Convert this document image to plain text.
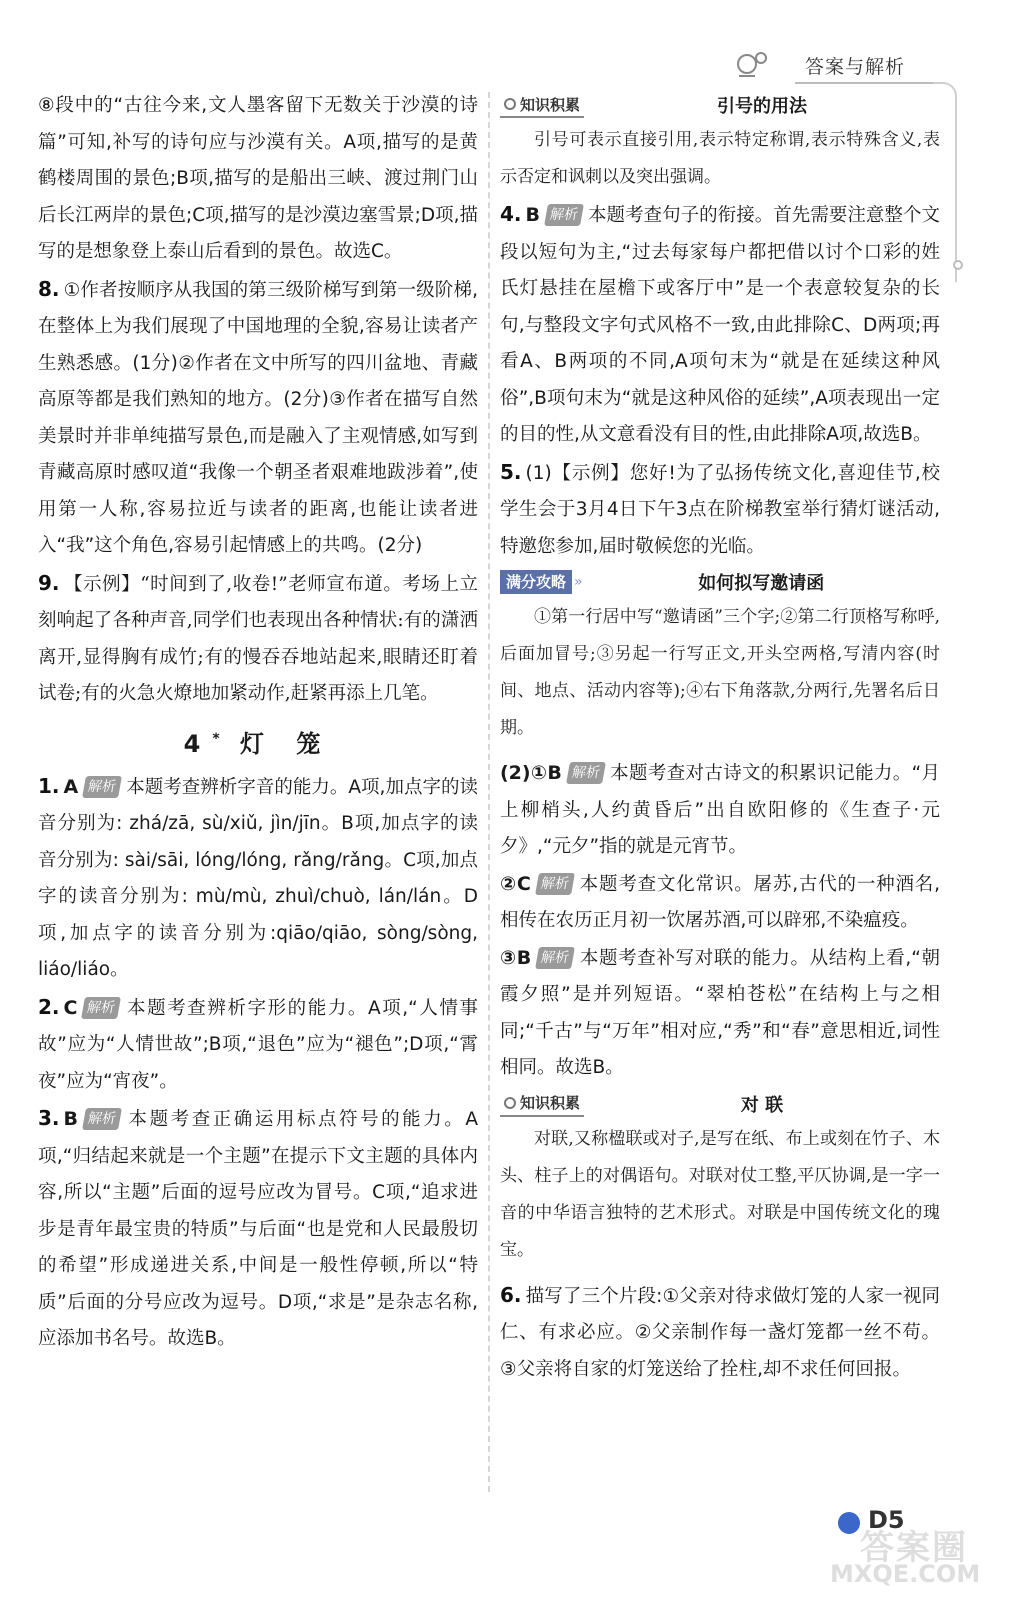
答案与解析
⑧段中的“古往今来,文人墨客留下无数关于沙漠的诗篇”可知,补写的诗句应与沙漠有关。A项,描写的是黄鹤楼周围的景色;B项,描写的是船出三峡、渡过荆门山后长江两岸的景色;C项,描写的是沙漠边塞雪景;D项,描写的是想象登上泰山后看到的景色。故选C。
8. ①作者按顺序从我国的第三级阶梯写到第一级阶梯,在整体上为我们展现了中国地理的全貌,容易让读者产生熟悉感。(1分)②作者在文中所写的四川盆地、青藏高原等都是我们熟知的地方。(2分)③作者在描写自然美景时并非单纯描写景色,而是融入了主观情感,如写到青藏高原时感叹道“我像一个朝圣者艰难地跋涉着”,使用第一人称,容易拉近与读者的距离,也能让读者进入“我”这个角色,容易引起情感上的共鸣。(2分)
9. 【示例】“时间到了,收卷!”老师宣布道。考场上立刻响起了各种声音,同学们也表现出各种情状:有的潇洒离开,显得胸有成竹;有的慢吞吞地站起来,眼睛还盯着试卷;有的火急火燎地加紧动作,赶紧再添上几笔。
4* 灯 笼
1. A 解析 本题考查辨析字音的能力。A项,加点字的读音分别为: zhá/zā, sù/xiǔ, jìn/jīn。B项,加点字的读音分别为: sài/sāi, lóng/lóng, rǎng/rǎng。C项,加点字的读音分别为: mù/mù, zhuì/chuò, lán/lán。D项,加点字的读音分别为:qiāo/qiāo, sòng/sòng, liáo/liáo。
2. C 解析 本题考查辨析字形的能力。A项,“人情事故”应为“人情世故”;B项,“退色”应为“褪色”;D项,“霄夜”应为“宵夜”。
3. B 解析 本题考查正确运用标点符号的能力。A项,“归结起来就是一个主题”在提示下文主题的具体内容,所以“主题”后面的逗号应改为冒号。C项,“追求进步是青年最宝贵的特质”与后面“也是党和人民最殷切的希望”形成递进关系,中间是一般性停顿,所以“特质”后面的分号应改为逗号。D项,“求是”是杂志名称,应添加书名号。故选B。
知识积累	引号的用法
引号可表示直接引用,表示特定称谓,表示特殊含义,表示否定和讽刺以及突出强调。
4. B 解析 本题考查句子的衔接。首先需要注意整个文段以短句为主,“过去每家每户都把借以讨个口彩的姓氏灯悬挂在屋檐下或客厅中”是一个表意较复杂的长句,与整段文字句式风格不一致,由此排除C、D两项;再看A、B两项的不同,A项句末为“就是在延续这种风俗”,B项句末为“就是这种风俗的延续”,A项表现出一定的目的性,从文意看没有目的性,由此排除A项,故选B。
5. (1)【示例】您好!为了弘扬传统文化,喜迎佳节,校学生会于3月4日下午3点在阶梯教室举行猜灯谜活动,特邀您参加,届时敬候您的光临。
满分攻略 »	如何拟写邀请函
①第一行居中写“邀请函”三个字;②第二行顶格写称呼,后面加冒号;③另起一行写正文,开头空两格,写清内容(时间、地点、活动内容等);④右下角落款,分两行,先署名后日期。
(2)①B 解析 本题考查对古诗文的积累识记能力。“月上柳梢头,人约黄昏后”出自欧阳修的《生查子·元夕》,“元夕”指的就是元宵节。
②C 解析 本题考查文化常识。屠苏,古代的一种酒名,相传在农历正月初一饮屠苏酒,可以辟邪,不染瘟疫。
③B 解析 本题考查补写对联的能力。从结构上看,“朝霞夕照”是并列短语。“翠柏苍松”在结构上与之相同;“千古”与“万年”相对应,“秀”和“春”意思相近,词性相同。故选B。
知识积累	对 联
对联,又称楹联或对子,是写在纸、布上或刻在竹子、木头、柱子上的对偶语句。对联对仗工整,平仄协调,是一字一音的中华语言独特的艺术形式。对联是中国传统文化的瑰宝。
6. 描写了三个片段:①父亲对待求做灯笼的人家一视同仁、有求必应。②父亲制作每一盏灯笼都一丝不苟。③父亲将自家的灯笼送给了拴柱,却不求任何回报。
D5
答案圈
MXQE.COM
